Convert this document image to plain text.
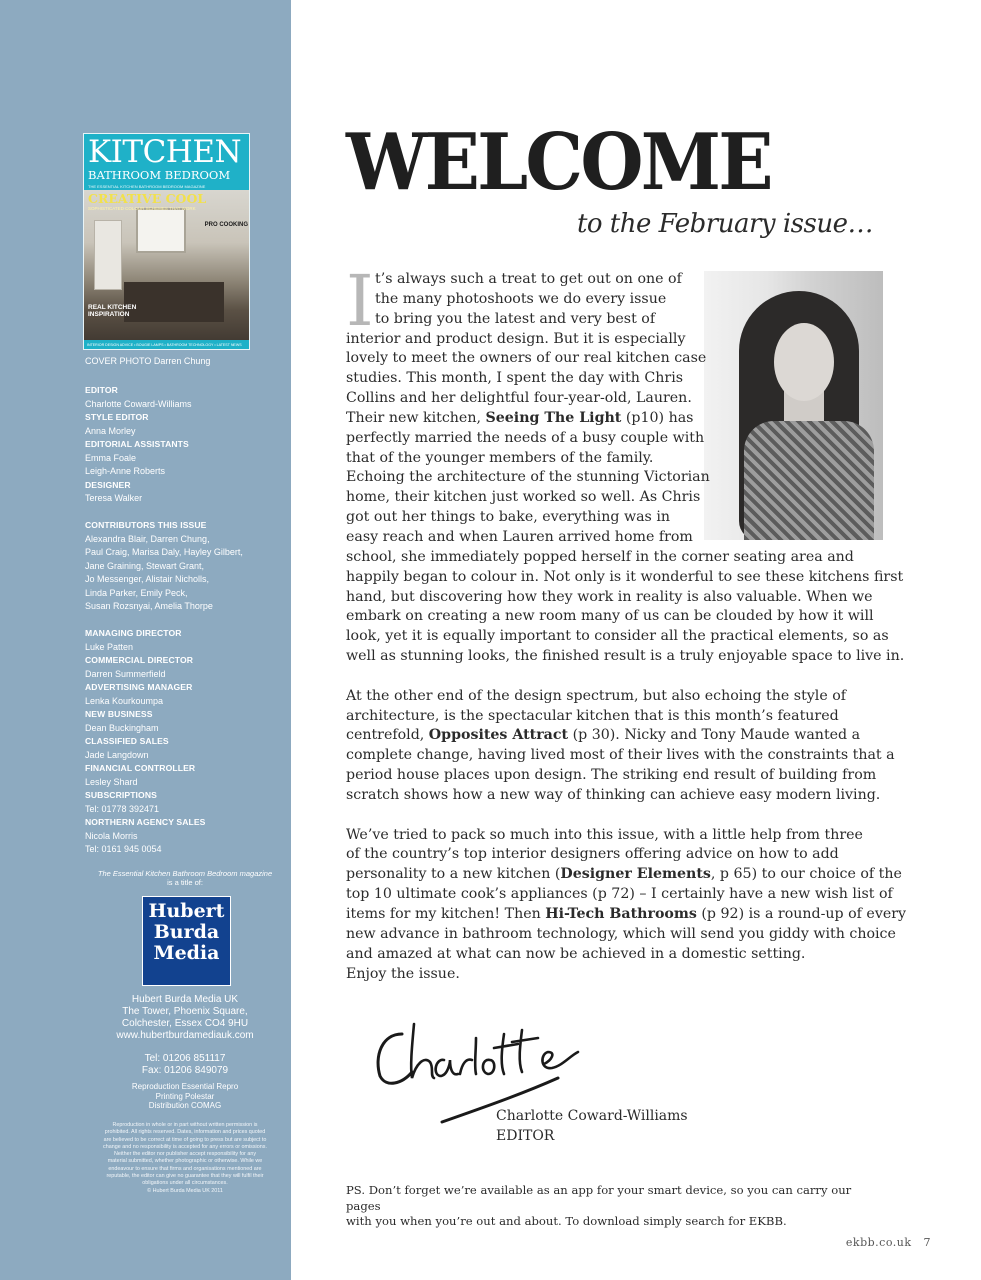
KITCHEN
BATHROOM BEDROOM
THE ESSENTIAL KITCHEN BATHROOM BEDROOM MAGAZINE
CREATIVE COOL
SOPHISTICATED COLOUR SCHEMES THAT WORK
PRO COOKING
REAL KITCHEN INSPIRATION
INTERIOR DESIGN ADVICE • BOUGIE LAMPS • BATHROOM TECHNOLOGY • LATEST NEWS
COVER PHOTO Darren Chung
EDITOR
Charlotte Coward-Williams
STYLE EDITOR
Anna Morley
EDITORIAL ASSISTANTS
Emma Foale
Leigh-Anne Roberts
DESIGNER
Teresa Walker
CONTRIBUTORS THIS ISSUE
Alexandra Blair, Darren Chung,
Paul Craig, Marisa Daly, Hayley Gilbert,
Jane Graining, Stewart Grant,
Jo Messenger, Alistair Nicholls,
Linda Parker, Emily Peck,
Susan Rozsnyai, Amelia Thorpe
MANAGING DIRECTOR
Luke Patten
COMMERCIAL DIRECTOR
Darren Summerfield
ADVERTISING MANAGER
Lenka Kourkoumpa
NEW BUSINESS
Dean Buckingham
CLASSIFIED SALES
Jade Langdown
FINANCIAL CONTROLLER
Lesley Shard
SUBSCRIPTIONS
Tel: 01778 392471
NORTHERN AGENCY SALES
Nicola Morris
Tel: 0161 945 0054
The Essential Kitchen Bathroom Bedroom magazine
is a title of:
Hubert
Burda
Media
Hubert Burda Media UK
The Tower, Phoenix Square,
Colchester, Essex CO4 9HU
www.hubertburdamediauk.com
Tel: 01206 851117
Fax: 01206 849079
Reproduction Essential Repro
Printing Polestar
Distribution COMAG
Reproduction in whole or in part without written permission is
prohibited. All rights reserved. Dates, information and prices quoted
are believed to be correct at time of going to press but are subject to
change and no responsibility is accepted for any errors or omissions.
Neither the editor nor publisher accept responsibility for any
material submitted, whether photographic or otherwise. While we
endeavour to ensure that firms and organisations mentioned are
reputable, the editor can give no guarantee that they will fulfil their
obligations under all circumstances.
© Hubert Burda Media UK 2011
WELCOME
to the February issue…
I t’s always such a treat to get out on one of
the many photoshoots we do every issue
to bring you the latest and very best of
interior and product design. But it is especially
lovely to meet the owners of our real kitchen case
studies. This month, I spent the day with Chris
Collins and her delightful four-year-old, Lauren.
Their new kitchen, Seeing The Light (p10) has
perfectly married the needs of a busy couple with
that of the younger members of the family.
Echoing the architecture of the stunning Victorian
home, their kitchen just worked so well. As Chris
got out her things to bake, everything was in
easy reach and when Lauren arrived home from
school, she immediately popped herself in the corner seating area and
happily began to colour in. Not only is it wonderful to see these kitchens first
hand, but discovering how they work in reality is also valuable. When we
embark on creating a new room many of us can be clouded by how it will
look, yet it is equally important to consider all the practical elements, so as
well as stunning looks, the finished result is a truly enjoyable space to live in.
At the other end of the design spectrum, but also echoing the style of
architecture, is the spectacular kitchen that is this month’s featured
centrefold, Opposites Attract (p 30). Nicky and Tony Maude wanted a
complete change, having lived most of their lives with the constraints that a
period house places upon design. The striking end result of building from
scratch shows how a new way of thinking can achieve easy modern living.
We’ve tried to pack so much into this issue, with a little help from three
of the country’s top interior designers offering advice on how to add
personality to a new kitchen (Designer Elements, p 65) to our choice of the
top 10 ultimate cook’s appliances (p 72) – I certainly have a new wish list of
items for my kitchen! Then Hi-Tech Bathrooms (p 92) is a round-up of every
new advance in bathroom technology, which will send you giddy with choice
and amazed at what can now be achieved in a domestic setting.
Enjoy the issue.
Charlotte Coward-Williams
EDITOR
PS. Don’t forget we’re available as an app for your smart device, so you can carry our pages
with you when you’re out and about. To download simply search for EKBB.
ekbb.co.uk 7
